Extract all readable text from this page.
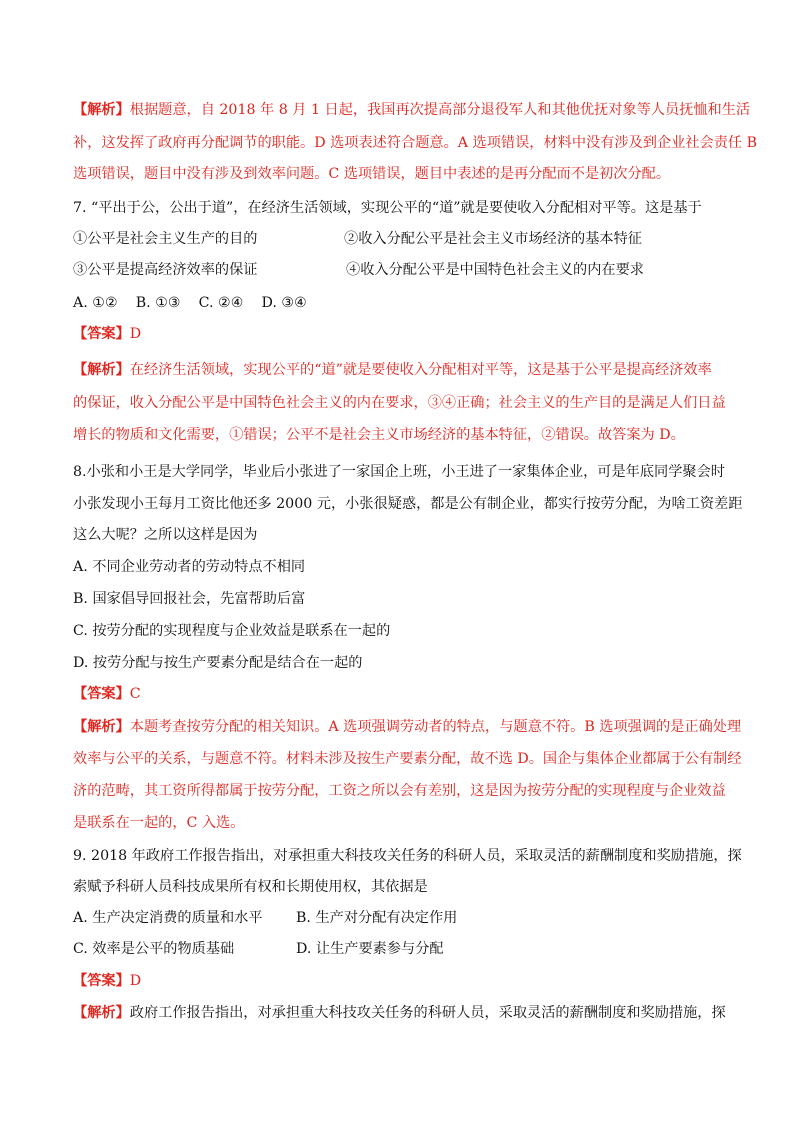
【解析】根据题意，自 2018 年 8 月 1 日起，我国再次提高部分退役军人和其他优抚对象等人员抚恤和生活
补，这发挥了政府再分配调节的职能。D 选项表述符合题意。A 选项错误，材料中没有涉及到企业社会责任 B
选项错误，题目中没有涉及到效率问题。C 选项错误，题目中表述的是再分配而不是初次分配。
7. “平出于公，公出于道”，在经济生活领域，实现公平的“道”就是要使收入分配相对平等。这是基于
①公平是社会主义生产的目的	②收入分配公平是社会主义市场经济的基本特征
③公平是提高经济效率的保证	④收入分配公平是中国特色社会主义的内在要求
A. ①②    B. ①③    C. ②④    D. ③④
【答案】D
【解析】在经济生活领域，实现公平的“道”就是要使收入分配相对平等，这是基于公平是提高经济效率
的保证，收入分配公平是中国特色社会主义的内在要求，③④正确；社会主义的生产目的是满足人们日益
增长的物质和文化需要，①错误；公平不是社会主义市场经济的基本特征，②错误。故答案为 D。
8.小张和小王是大学同学，毕业后小张进了一家国企上班，小王进了一家集体企业，可是年底同学聚会时
小张发现小王每月工资比他还多 2000 元，小张很疑惑，都是公有制企业，都实行按劳分配，为啥工资差距
这么大呢？之所以这样是因为
A. 不同企业劳动者的劳动特点不相同
B. 国家倡导回报社会，先富帮助后富
C. 按劳分配的实现程度与企业效益是联系在一起的
D. 按劳分配与按生产要素分配是结合在一起的
【答案】C
【解析】本题考查按劳分配的相关知识。A 选项强调劳动者的特点，与题意不符。B 选项强调的是正确处理
效率与公平的关系，与题意不符。材料未涉及按生产要素分配，故不选 D。国企与集体企业都属于公有制经
济的范畴，其工资所得都属于按劳分配，工资之所以会有差别，这是因为按劳分配的实现程度与企业效益
是联系在一起的，C 入选。
9. 2018 年政府工作报告指出，对承担重大科技攻关任务的科研人员，采取灵活的薪酬制度和奖励措施，探
索赋予科研人员科技成果所有权和长期使用权，其依据是
A. 生产决定消费的质量和水平 B. 生产对分配有决定作用
C. 效率是公平的物质基础	D. 让生产要素参与分配
【答案】D
【解析】政府工作报告指出，对承担重大科技攻关任务的科研人员，采取灵活的薪酬制度和奖励措施，探
